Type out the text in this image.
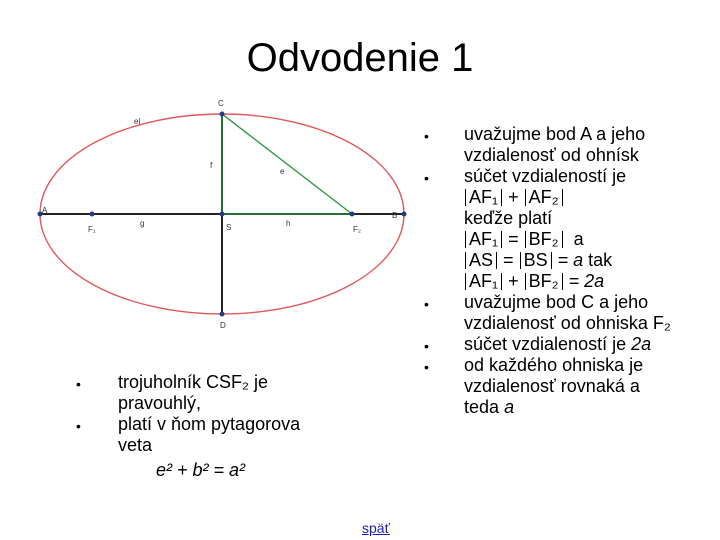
Odvodenie 1
C
el
f
e
A
F₁
g	S	h
F₂
B
D
• uvažujme bod A a jeho
vzdialenosť od ohnísk
• súčet vzdialeností je
AF₁ + AF₂
keďže platí
AF₁ = BF₂ a
AS = BS = a tak
AF₁ + BF₂ = 2a
• uvažujme bod C a jeho
vzdialenosť od ohniska F₂
• súčet vzdialeností je 2a
• od každého ohniska je
vzdialenosť rovnaká a
teda a
• trojuholník CSF₂ je
pravouhlý,
• platí v ňom pytagorova
veta
e² + b² = a²
späť
